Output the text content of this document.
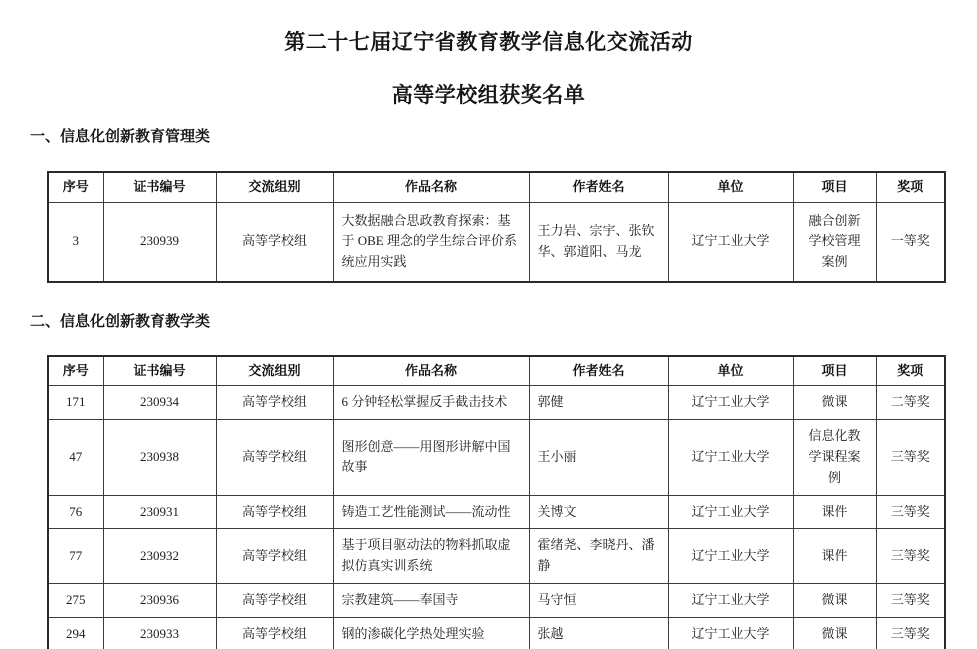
第二十七届辽宁省教育教学信息化交流活动
高等学校组获奖名单
一、信息化创新教育管理类
序号	证书编号	交流组别	作品名称	作者姓名	单位	项目	奖项
3	230939	高等学校组	大数据融合思政教育探索：基于 OBE 理念的学生综合评价系统应用实践	王力岩、宗宇、张钦华、郭道阳、马龙	辽宁工业大学	融合创新学校管理案例	一等奖
二、信息化创新教育教学类
序号	证书编号	交流组别	作品名称	作者姓名	单位	项目	奖项
171	230934	高等学校组	6 分钟轻松掌握反手截击技术	郭健	辽宁工业大学	微课	二等奖
47	230938	高等学校组	图形创意——用图形讲解中国故事	王小丽	辽宁工业大学	信息化教学课程案例	三等奖
76	230931	高等学校组	铸造工艺性能测试——流动性	关博文	辽宁工业大学	课件	三等奖
77	230932	高等学校组	基于项目驱动法的物料抓取虚拟仿真实训系统	霍绪尧、李晓丹、潘静	辽宁工业大学	课件	三等奖
275	230936	高等学校组	宗教建筑——奉国寺	马守恒	辽宁工业大学	微课	三等奖
294	230933	高等学校组	钢的渗碳化学热处理实验	张越	辽宁工业大学	微课	三等奖
